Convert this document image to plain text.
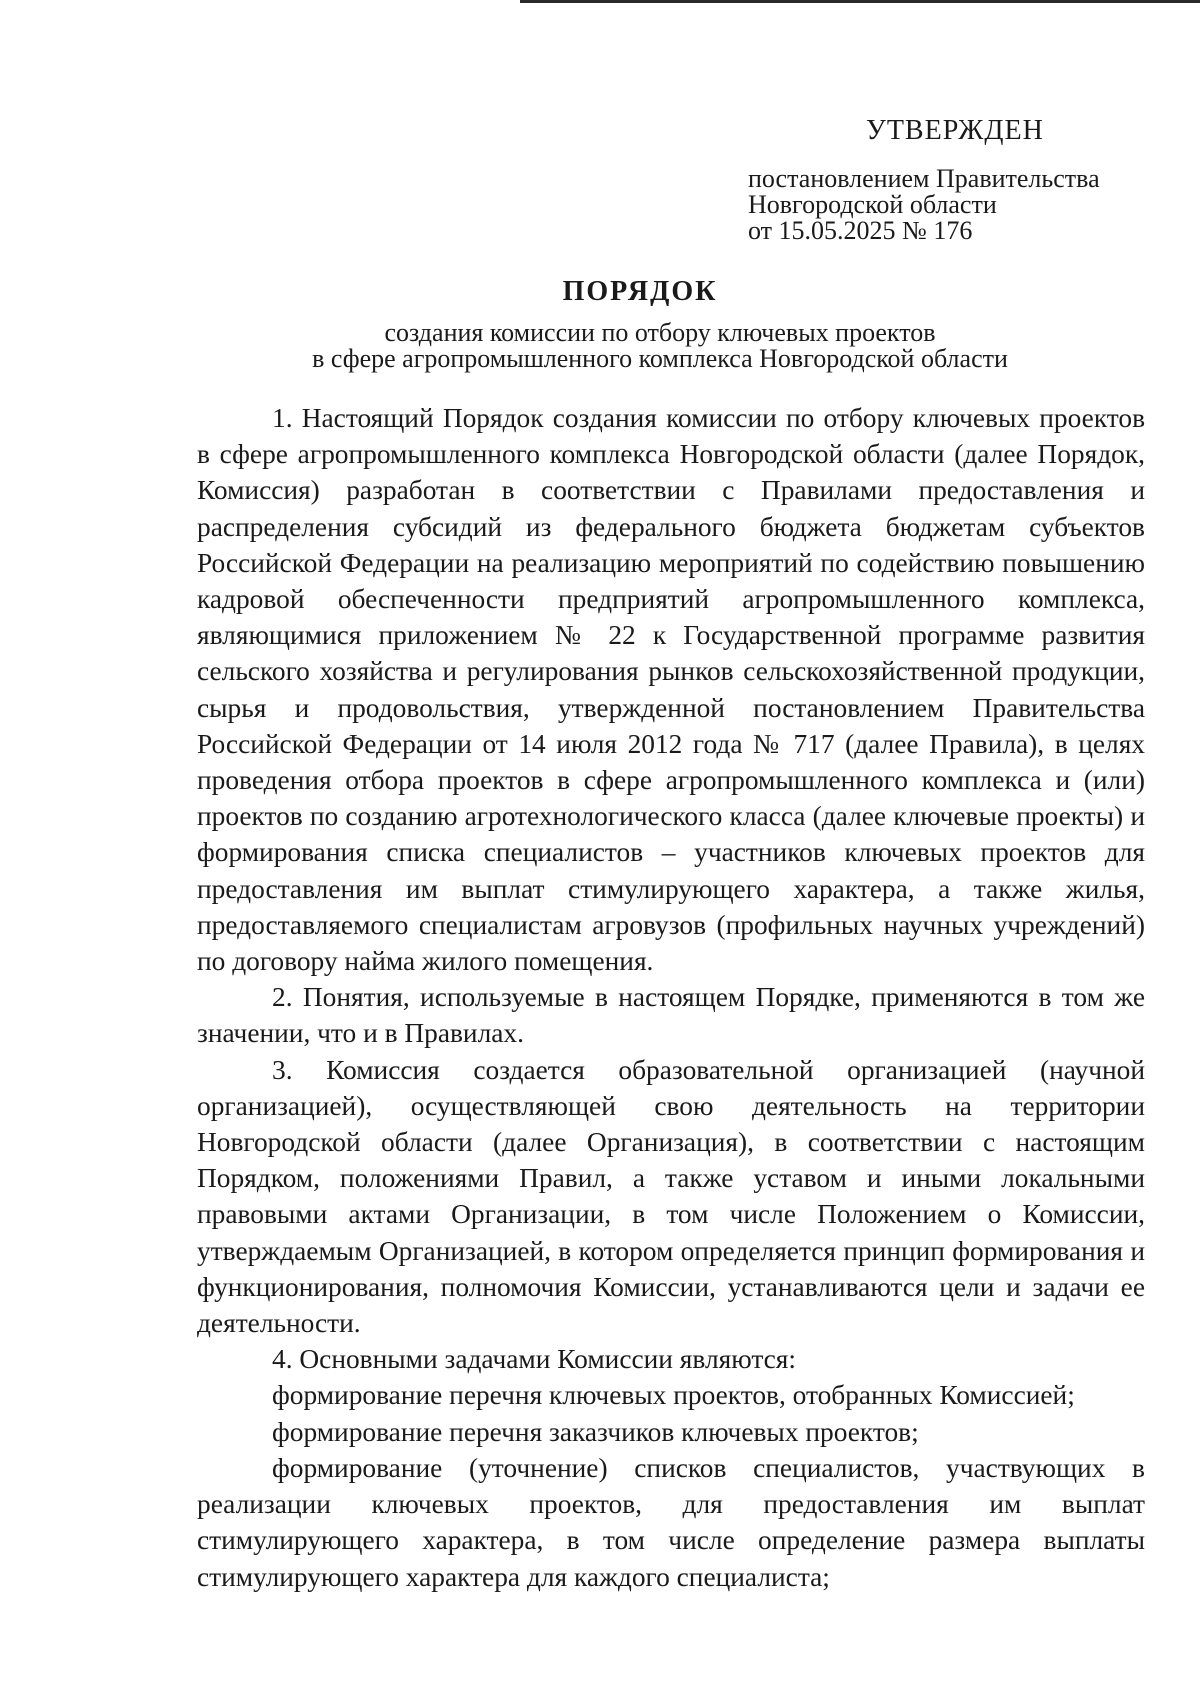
УТВЕРЖДЕН
постановлением Правительства
Новгородской области
от 15.05.2025 № 176
ПОРЯДОК
создания комиссии по отбору ключевых проектов
в сфере агропромышленного комплекса Новгородской области

1. Настоящий Порядок создания комиссии по отбору ключевых проектов в сфере агропромышленного комплекса Новгородской области (далее Порядок, Комиссия) разработан в соответствии с Правилами предоставления и распределения субсидий из федерального бюджета бюджетам субъектов Российской Федерации на реализацию мероприятий по содействию повышению кадровой обеспеченности предприятий агропромышленного комплекса, являющимися приложением № 22 к Государственной программе развития сельского хозяйства и регулирования рынков сельскохозяйственной продукции, сырья и продовольствия, утвержденной постановлением Правительства Российской Федерации от 14 июля 2012 года № 717 (далее Правила), в целях проведения отбора проектов в сфере агропромышленного комплекса и (или) проектов по созданию агротехнологического класса (далее ключевые проекты) и формирования списка специалистов – участников ключевых проектов для предоставления им выплат стимулирующего характера, а также жилья, предоставляемого специалистам агровузов (профильных научных учреждений) по договору найма жилого помещения.

2. Понятия, используемые в настоящем Порядке, применяются в том же значении, что и в Правилах.

3. Комиссия создается образовательной организацией (научной организацией), осуществляющей свою деятельность на территории Новгородской области (далее Организация), в соответствии с настоящим Порядком, положениями Правил, а также уставом и иными локальными правовыми актами Организации, в том числе Положением о Комиссии, утверждаемым Организацией, в котором определяется принцип формирования и функционирования, полномочия Комиссии, устанавливаются цели и задачи ее деятельности.

4. Основными задачами Комиссии являются:

формирование перечня ключевых проектов, отобранных Комиссией;

формирование перечня заказчиков ключевых проектов;

формирование (уточнение) списков специалистов, участвующих в реализации ключевых проектов, для предоставления им выплат стимулирующего характера, в том числе определение размера выплаты стимулирующего характера для каждого специалиста;
